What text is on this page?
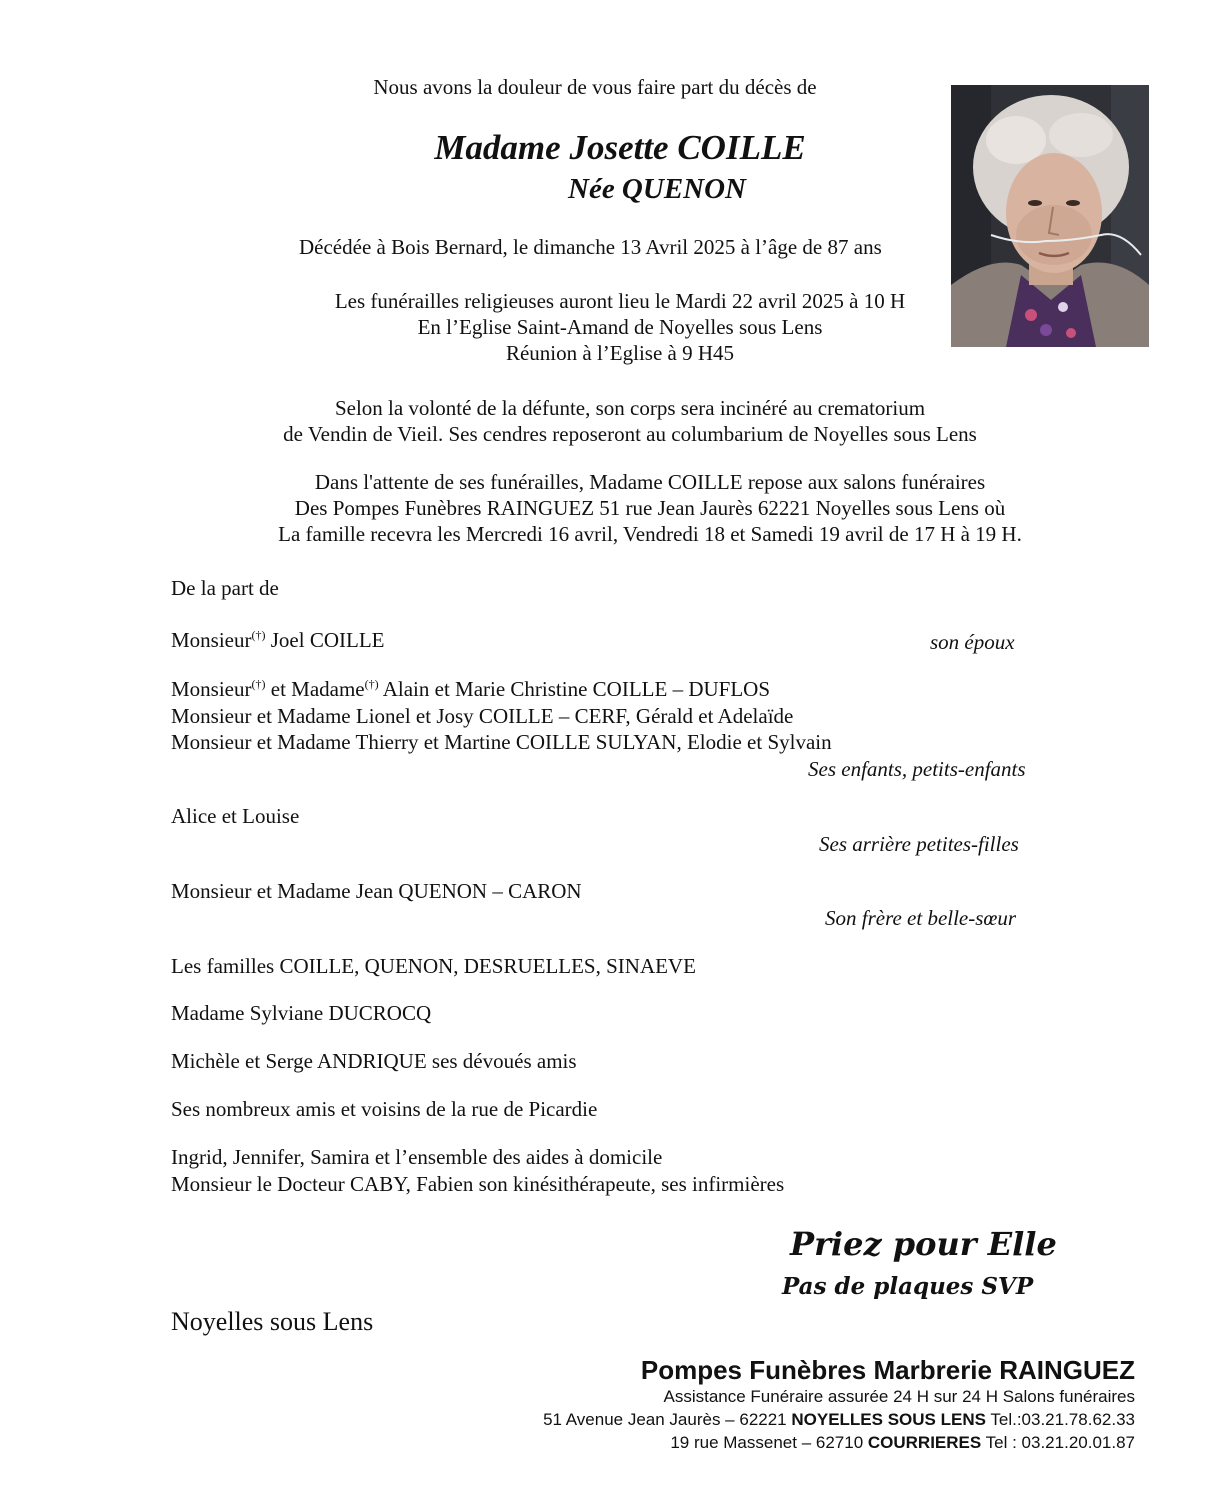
Nous avons la douleur de vous faire part du décès de
Madame Josette COILLE
Née QUENON
Décédée à Bois Bernard, le dimanche 13 Avril 2025 à l’âge de 87 ans
Les funérailles religieuses auront lieu le Mardi 22 avril 2025 à 10 H
En l’Eglise Saint-Amand de Noyelles sous Lens
Réunion à l’Eglise à 9 H45
Selon la volonté de la défunte, son corps sera incinéré au crematorium
de Vendin de Vieil. Ses cendres reposeront au columbarium de Noyelles sous Lens
Dans l'attente de ses funérailles, Madame COILLE repose aux salons funéraires
Des Pompes Funèbres RAINGUEZ 51 rue Jean Jaurès 62221 Noyelles sous Lens où
La famille recevra les Mercredi 16 avril, Vendredi 18 et Samedi 19 avril de 17 H à 19 H.
De la part de
Monsieur(†) Joel COILLE	son époux
Monsieur(†) et Madame(†) Alain et Marie Christine COILLE – DUFLOS
Monsieur et Madame Lionel et Josy COILLE – CERF, Gérald et Adelaïde
Monsieur et Madame Thierry et Martine COILLE SULYAN, Elodie et Sylvain
Ses enfants, petits-enfants
Alice et Louise
Ses arrière petites-filles
Monsieur et Madame Jean QUENON – CARON
Son frère et belle-sœur
Les familles COILLE, QUENON, DESRUELLES, SINAEVE
Madame Sylviane DUCROCQ
Michèle et Serge ANDRIQUE ses dévoués amis
Ses nombreux amis et voisins de la rue de Picardie
Ingrid, Jennifer, Samira et l’ensemble des aides à domicile
Monsieur le Docteur CABY, Fabien son kinésithérapeute, ses infirmières
Priez pour Elle
Pas de plaques SVP
Noyelles sous Lens
Pompes Funèbres Marbrerie RAINGUEZ
Assistance Funéraire assurée 24 H sur 24 H Salons funéraires
51 Avenue Jean Jaurès – 62221 NOYELLES SOUS LENS Tel.:03.21.78.62.33
19 rue Massenet – 62710 COURRIERES Tel : 03.21.20.01.87
